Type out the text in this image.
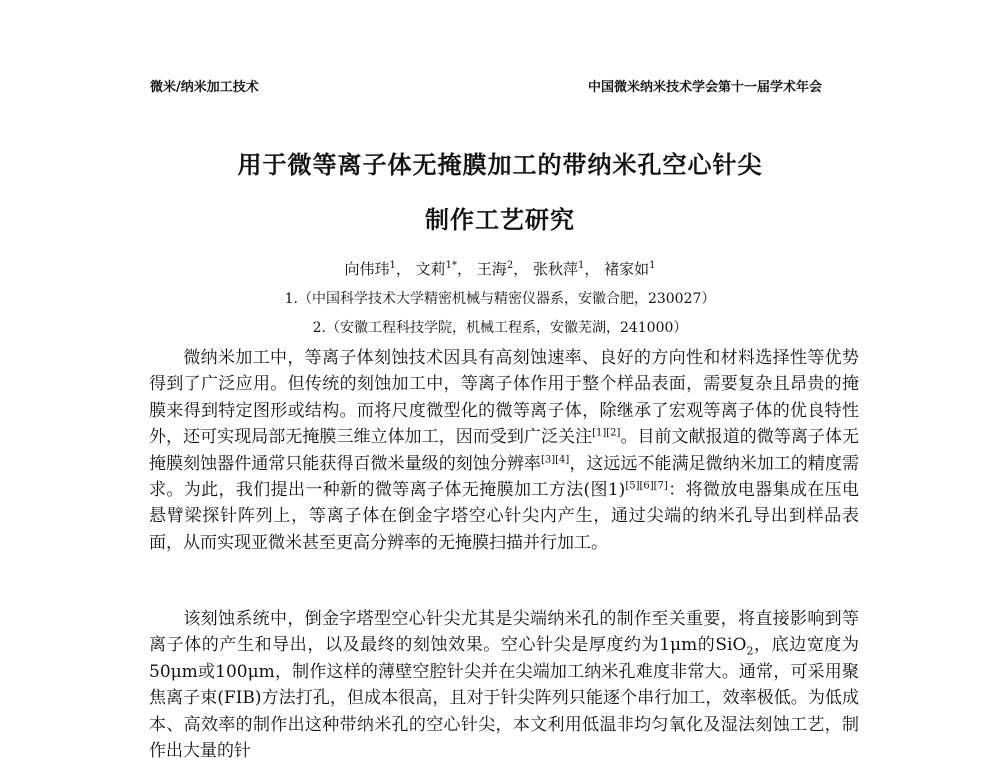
微米/纳米加工技术	中国微米纳米技术学会第十一届学术年会
用于微等离子体无掩膜加工的带纳米孔空心针尖
制作工艺研究
向伟玮$^1$， 文莉$^{1*}$， 王海$^2$， 张秋萍$^1$， 褚家如$^1$
1.（中国科学技术大学精密机械与精密仪器系，安徽合肥，230027）
2.（安徽工程科技学院，机械工程系，安徽芜湖，241000）
微纳米加工中，等离子体刻蚀技术因具有高刻蚀速率、良好的方向性和材料选择性等优势得到了广泛应用。但传统的刻蚀加工中，等离子体作用于整个样品表面，需要复杂且昂贵的掩膜来得到特定图形或结构。而将尺度微型化的微等离子体，除继承了宏观等离子体的优良特性外，还可实现局部无掩膜三维立体加工，因而受到广泛关注[1][2]。目前文献报道的微等离子体无掩膜刻蚀器件通常只能获得百微米量级的刻蚀分辨率[3][4]，这远远不能满足微纳米加工的精度需求。为此，我们提出一种新的微等离子体无掩膜加工方法(图1)[5][6][7]：将微放电器集成在压电悬臂梁探针阵列上，等离子体在倒金字塔空心针尖内产生，通过尖端的纳米孔导出到样品表面，从而实现亚微米甚至更高分辨率的无掩膜扫描并行加工。
该刻蚀系统中，倒金字塔型空心针尖尤其是尖端纳米孔的制作至关重要，将直接影响到等离子体的产生和导出，以及最终的刻蚀效果。空心针尖是厚度约为1μm的SiO$_2$，底边宽度为50μm或100μm，制作这样的薄壁空腔针尖并在尖端加工纳米孔难度非常大。通常，可采用聚焦离子束(FIB)方法打孔，但成本很高，且对于针尖阵列只能逐个串行加工，效率极低。为低成本、高效率的制作出这种带纳米孔的空心针尖，本文利用低温非均匀氧化及湿法刻蚀工艺，制作出大量的针
